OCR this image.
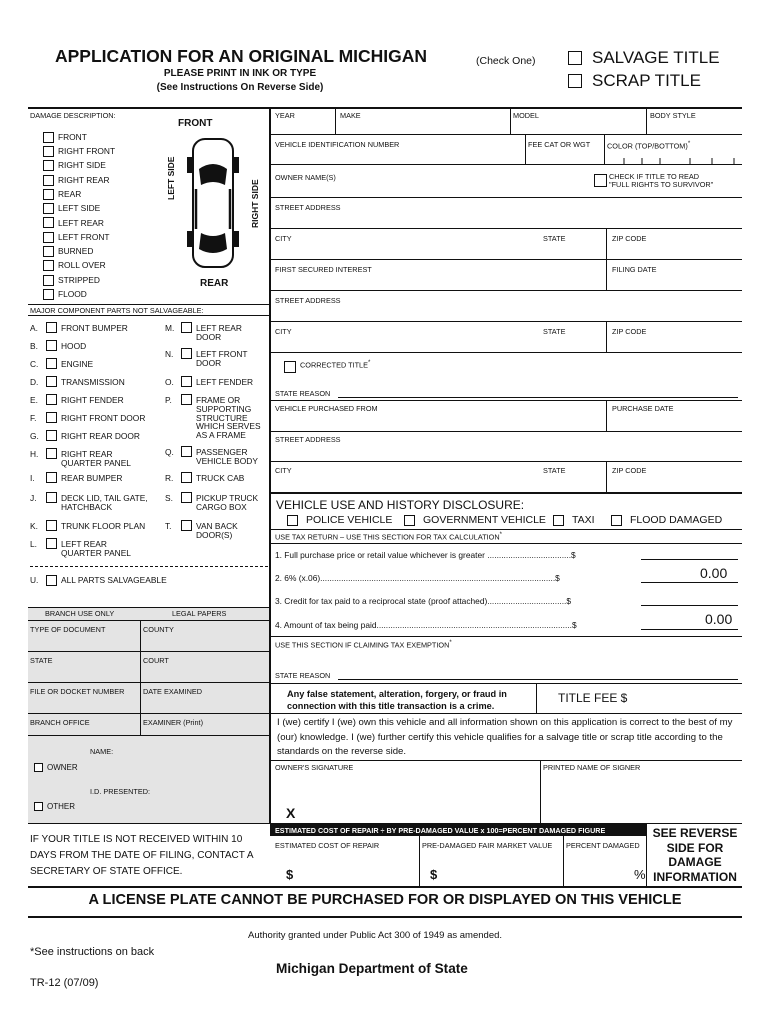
APPLICATION FOR AN ORIGINAL MICHIGAN
PLEASE PRINT IN INK OR TYPE
(See Instructions On Reverse Side)
(Check One)	SALVAGE TITLE
SCRAP TITLE
DAMAGE DESCRIPTION:
FRONT
RIGHT FRONT
RIGHT SIDE
RIGHT REAR
REAR
LEFT SIDE
LEFT REAR
LEFT FRONT
BURNED
ROLL OVER
STRIPPED
FLOOD
FRONT
REAR
LEFT SIDE
RIGHT SIDE
MAJOR COMPONENT PARTS NOT SALVAGEABLE:
A.	FRONT BUMPER
B.	HOOD
C.	ENGINE
D.	TRANSMISSION
E.	RIGHT FENDER
F.	RIGHT FRONT DOOR
G.	RIGHT REAR DOOR
H.	RIGHT REAR
QUARTER PANEL
I.	REAR BUMPER
J.	DECK LID, TAIL GATE,
HATCHBACK
K.	TRUNK FLOOR PLAN
L.	LEFT REAR
QUARTER PANEL
M.	LEFT REAR
DOOR
N.	LEFT FRONT
DOOR
O.	LEFT FENDER
P.	FRAME OR
SUPPORTING
STRUCTURE
WHICH SERVES
AS A FRAME
Q.	PASSENGER
VEHICLE BODY
R.	TRUCK CAB
S.	PICKUP TRUCK
CARGO BOX
T.	VAN BACK
DOOR(S)
U.	ALL PARTS SALVAGEABLE
BRANCH USE ONLY	LEGAL PAPERS
TYPE OF DOCUMENT	COUNTY
STATE	COURT
FILE OR DOCKET NUMBER	DATE EXAMINED
BRANCH OFFICE	EXAMINER (Print)
NAME:
OWNER
I.D. PRESENTED:
OTHER
IF YOUR TITLE IS NOT RECEIVED WITHIN 10
DAYS FROM THE DATE OF FILING, CONTACT A
SECRETARY OF STATE OFFICE.
YEAR	MAKE	MODEL	BODY STYLE
VEHICLE IDENTIFICATION NUMBER	FEE CAT OR WGT COLOR (TOP/BOTTOM)*
OWNER NAME(S)	CHECK IF TITLE TO READ
"FULL RIGHTS TO SURVIVOR"
STREET ADDRESS
CITY	STATE	ZIP CODE
FIRST SECURED INTEREST	FILING DATE
STREET ADDRESS
CITY	STATE	ZIP CODE
CORRECTED TITLE*
STATE REASON
VEHICLE PURCHASED FROM	PURCHASE DATE
STREET ADDRESS
CITY	STATE	ZIP CODE
VEHICLE USE AND HISTORY DISCLOSURE:
POLICE VEHICLE	GOVERNMENT VEHICLE TAXI	FLOOD DAMAGED
USE TAX RETURN – USE THIS SECTION FOR TAX CALCULATION*
1. Full purchase price or retail value whichever is greater ....................................$
2. 6% (x.06).....................................................................................................$	0.00
3. Credit for tax paid to a reciprocal state (proof attached)..................................$
4. Amount of tax being paid....................................................................................$	0.00
USE THIS SECTION IF CLAIMING TAX EXEMPTION*
STATE REASON
Any false statement, alteration, forgery, or fraud in
connection with this title transaction is a crime.
TITLE FEE $
I (we) certify I (we) own this vehicle and all information shown on this application is correct to the best of my (our) knowledge. I (we) further certify this vehicle qualifies for a salvage title or scrap title according to the standards on the reverse side.
OWNER'S SIGNATURE	PRINTED NAME OF SIGNER
X
ESTIMATED COST OF REPAIR ÷ BY PRE-DAMAGED VALUE x 100=PERCENT DAMAGED FIGURE
ESTIMATED COST OF REPAIR	PRE-DAMAGED FAIR MARKET VALUE PERCENT DAMAGED
$	$	%
SEE REVERSE
SIDE FOR
DAMAGE
INFORMATION
A LICENSE PLATE CANNOT BE PURCHASED FOR OR DISPLAYED ON THIS VEHICLE
Authority granted under Public Act 300 of 1949 as amended.
*See instructions on back
Michigan Department of State
TR-12 (07/09)
